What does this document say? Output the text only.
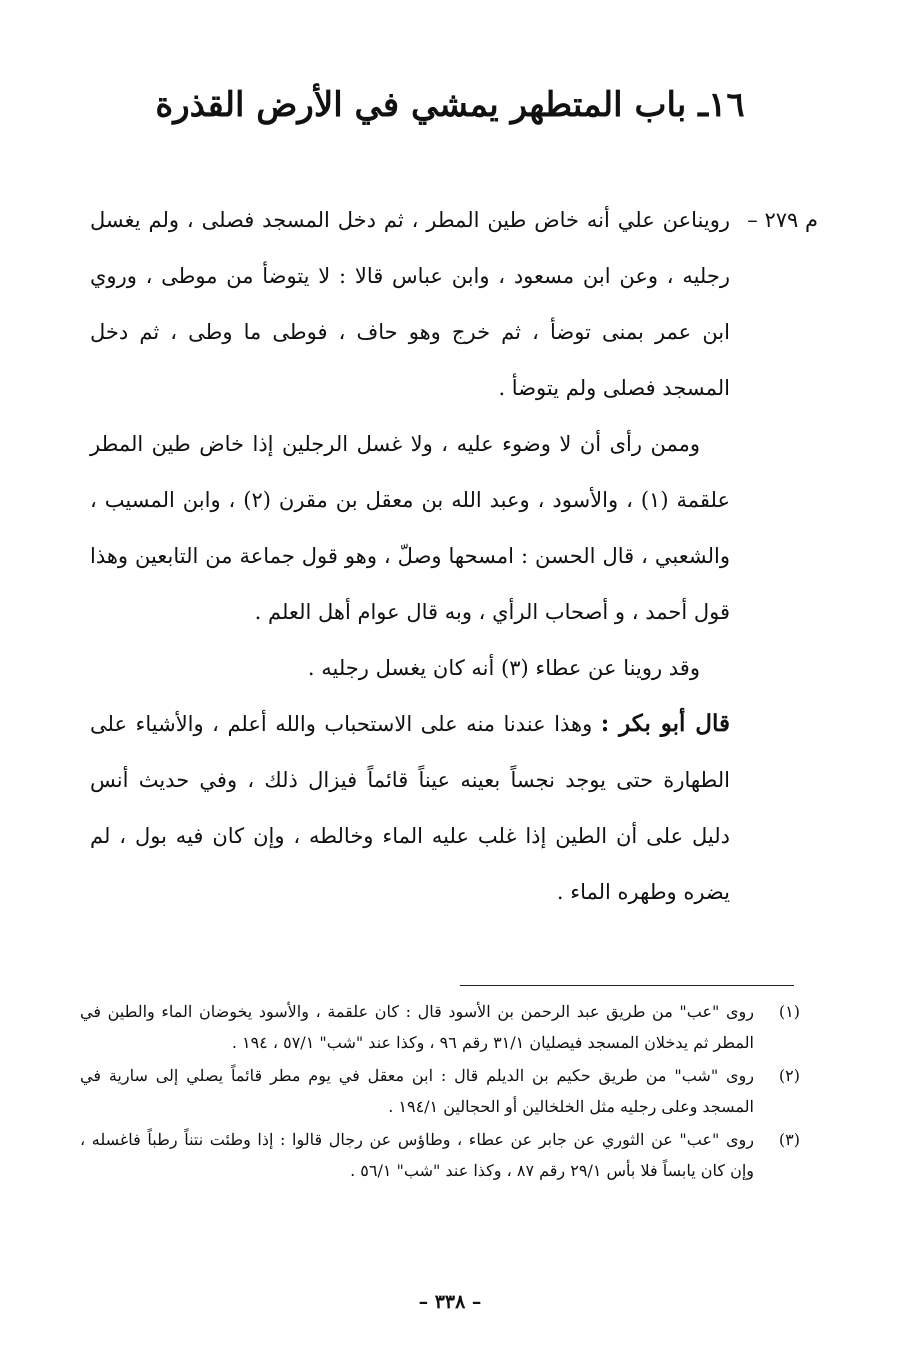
١٦ـ باب المتطهر يمشي في الأرض القذرة
م ٢٧٩ –

رويناعن علي أنه خاض طين المطر ، ثم دخل المسجد فصلى ، ولم يغسل رجليه ، وعن ابن مسعود ، وابن عباس قالا : لا يتوضأ من موطى ، وروي ابن عمر بمنى توضأ ، ثم خرج وهو حاف ، فوطى ما وطى ، ثم دخل المسجد فصلى ولم يتوضأ .

وممن رأى أن لا وضوء عليه ، ولا غسل الرجلين إذا خاض طين المطر علقمة (١) ، والأسود ، وعبد الله بن معقل بن مقرن (٢) ، وابن المسيب ، والشعبي ، قال الحسن : امسحها وصلّ ، وهو قول جماعة من التابعين وهذا قول أحمد ، و أصحاب الرأي ، وبه قال عوام أهل العلم .

وقد روينا عن عطاء (٣) أنه كان يغسل رجليه .

قال أبو بكر : وهذا عندنا منه على الاستحباب والله أعلم ، والأشياء على الطهارة حتى يوجد نجساً بعينه عيناً قائماً فيزال ذلك ، وفي حديث أنس دليل على أن الطين إذا غلب عليه الماء وخالطه ، وإن كان فيه بول ، لم يضره وطهره الماء .

(١)
روى "عب" من طريق عبد الرحمن بن الأسود قال : كان علقمة ، والأسود يخوضان الماء والطين في المطر ثم يدخلان المسجد فيصليان ٣١/١ رقم ٩٦ ، وكذا عند "شب" ٥٧/١ ، ١٩٤ .
(٢)
روى "شب" من طريق حكيم بن الديلم قال : ابن معقل في يوم مطر قائماً يصلي إلى سارية في المسجد وعلى رجليه مثل الخلخالين أو الحجالين ١٩٤/١ .
(٣)
روى "عب" عن الثوري عن جابر عن عطاء ، وطاؤس عن رجال قالوا : إذا وطئت نتناً رطباً فاغسله ، وإن كان يابساً فلا بأس ٢٩/١ رقم ٨٧ ، وكذا عند "شب" ٥٦/١ .
– ٣٣٨ –
